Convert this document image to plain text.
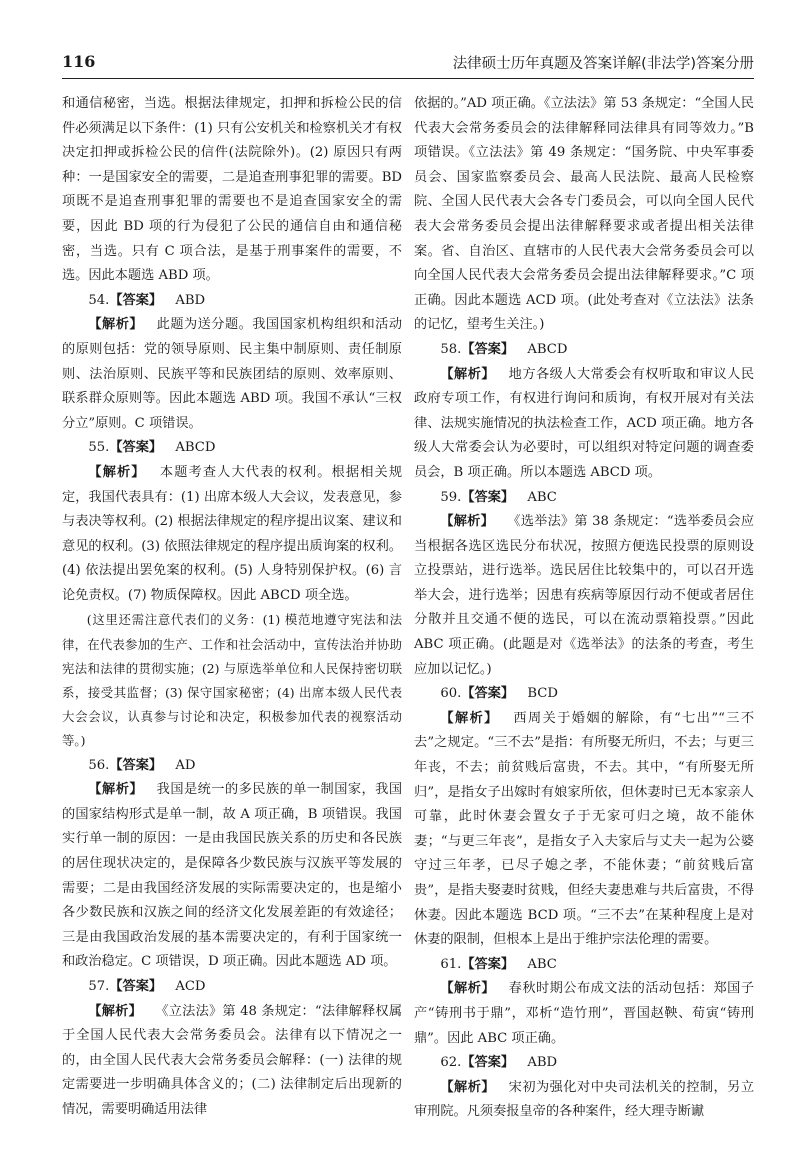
116	法律硕士历年真题及答案详解(非法学)答案分册

和通信秘密，当选。根据法律规定，扣押和拆检公民的信件必须满足以下条件：(1) 只有公安机关和检察机关才有权决定扣押或拆检公民的信件(法院除外)。(2) 原因只有两种：一是国家安全的需要，二是追查刑事犯罪的需要。BD 项既不是追查刑事犯罪的需要也不是追查国家安全的需要，因此 BD 项的行为侵犯了公民的通信自由和通信秘密，当选。只有 C 项合法，是基于刑事案件的需要，不选。因此本题选 ABD 项。

54.【答案】  ABD

【解析】  此题为送分题。我国国家机构组织和活动的原则包括：党的领导原则、民主集中制原则、责任制原则、法治原则、民族平等和民族团结的原则、效率原则、联系群众原则等。因此本题选 ABD 项。我国不承认“三权分立”原则。C 项错误。

55.【答案】  ABCD

【解析】  本题考查人大代表的权利。根据相关规定，我国代表具有：(1) 出席本级人大会议，发表意见，参与表决等权利。(2) 根据法律规定的程序提出议案、建议和意见的权利。(3) 依照法律规定的程序提出质询案的权利。(4) 依法提出罢免案的权利。(5) 人身特别保护权。(6) 言论免责权。(7) 物质保障权。因此 ABCD 项全选。

(这里还需注意代表们的义务：(1) 模范地遵守宪法和法律，在代表参加的生产、工作和社会活动中，宣传法治并协助宪法和法律的贯彻实施；(2) 与原选举单位和人民保持密切联系，接受其监督；(3) 保守国家秘密；(4) 出席本级人民代表大会会议，认真参与讨论和决定，积极参加代表的视察活动等。)

56.【答案】  AD

【解析】  我国是统一的多民族的单一制国家，我国的国家结构形式是单一制，故 A 项正确，B 项错误。我国实行单一制的原因：一是由我国民族关系的历史和各民族的居住现状决定的，是保障各少数民族与汉族平等发展的需要；二是由我国经济发展的实际需要决定的，也是缩小各少数民族和汉族之间的经济文化发展差距的有效途径；三是由我国政治发展的基本需要决定的，有利于国家统一和政治稳定。C 项错误，D 项正确。因此本题选 AD 项。

57.【答案】  ACD

【解析】  《立法法》第 48 条规定：“法律解释权属于全国人民代表大会常务委员会。法律有以下情况之一的，由全国人民代表大会常务委员会解释：(一) 法律的规定需要进一步明确具体含义的；(二) 法律制定后出现新的情况，需要明确适用法律

依据的。”AD 项正确。《立法法》第 53 条规定：“全国人民代表大会常务委员会的法律解释同法律具有同等效力。”B 项错误。《立法法》第 49 条规定：“国务院、中央军事委员会、国家监察委员会、最高人民法院、最高人民检察院、全国人民代表大会各专门委员会，可以向全国人民代表大会常务委员会提出法律解释要求或者提出相关法律案。省、自治区、直辖市的人民代表大会常务委员会可以向全国人民代表大会常务委员会提出法律解释要求。”C 项正确。因此本题选 ACD 项。(此处考查对《立法法》法条的记忆，望考生关注。)

58.【答案】  ABCD

【解析】  地方各级人大常委会有权听取和审议人民政府专项工作，有权进行询问和质询，有权开展对有关法律、法规实施情况的执法检查工作，ACD 项正确。地方各级人大常委会认为必要时，可以组织对特定问题的调查委员会，B 项正确。所以本题选 ABCD 项。

59.【答案】  ABC

【解析】  《选举法》第 38 条规定：“选举委员会应当根据各选区选民分布状况，按照方便选民投票的原则设立投票站，进行选举。选民居住比较集中的，可以召开选举大会，进行选举；因患有疾病等原因行动不便或者居住分散并且交通不便的选民，可以在流动票箱投票。”因此 ABC 项正确。(此题是对《选举法》的法条的考查，考生应加以记忆。)

60.【答案】  BCD

【解析】  西周关于婚姻的解除，有“七出”“三不去”之规定。“三不去”是指：有所娶无所归，不去；与更三年丧，不去；前贫贱后富贵，不去。其中，“有所娶无所归”，是指女子出嫁时有娘家所依，但休妻时已无本家亲人可靠，此时休妻会置女子于无家可归之境，故不能休妻；“与更三年丧”，是指女子入夫家后与丈夫一起为公婆守过三年孝，已尽子媳之孝，不能休妻；“前贫贱后富贵”，是指夫娶妻时贫贱，但经夫妻患难与共后富贵，不得休妻。因此本题选 BCD 项。“三不去”在某种程度上是对休妻的限制，但根本上是出于维护宗法伦理的需要。

61.【答案】  ABC

【解析】  春秋时期公布成文法的活动包括：郑国子产“铸刑书于鼎”，邓析“造竹刑”，晋国赵鞅、荀寅“铸刑鼎”。因此 ABC 项正确。

62.【答案】  ABD

【解析】  宋初为强化对中央司法机关的控制，另立审刑院。凡须奏报皇帝的各种案件，经大理寺断谳
